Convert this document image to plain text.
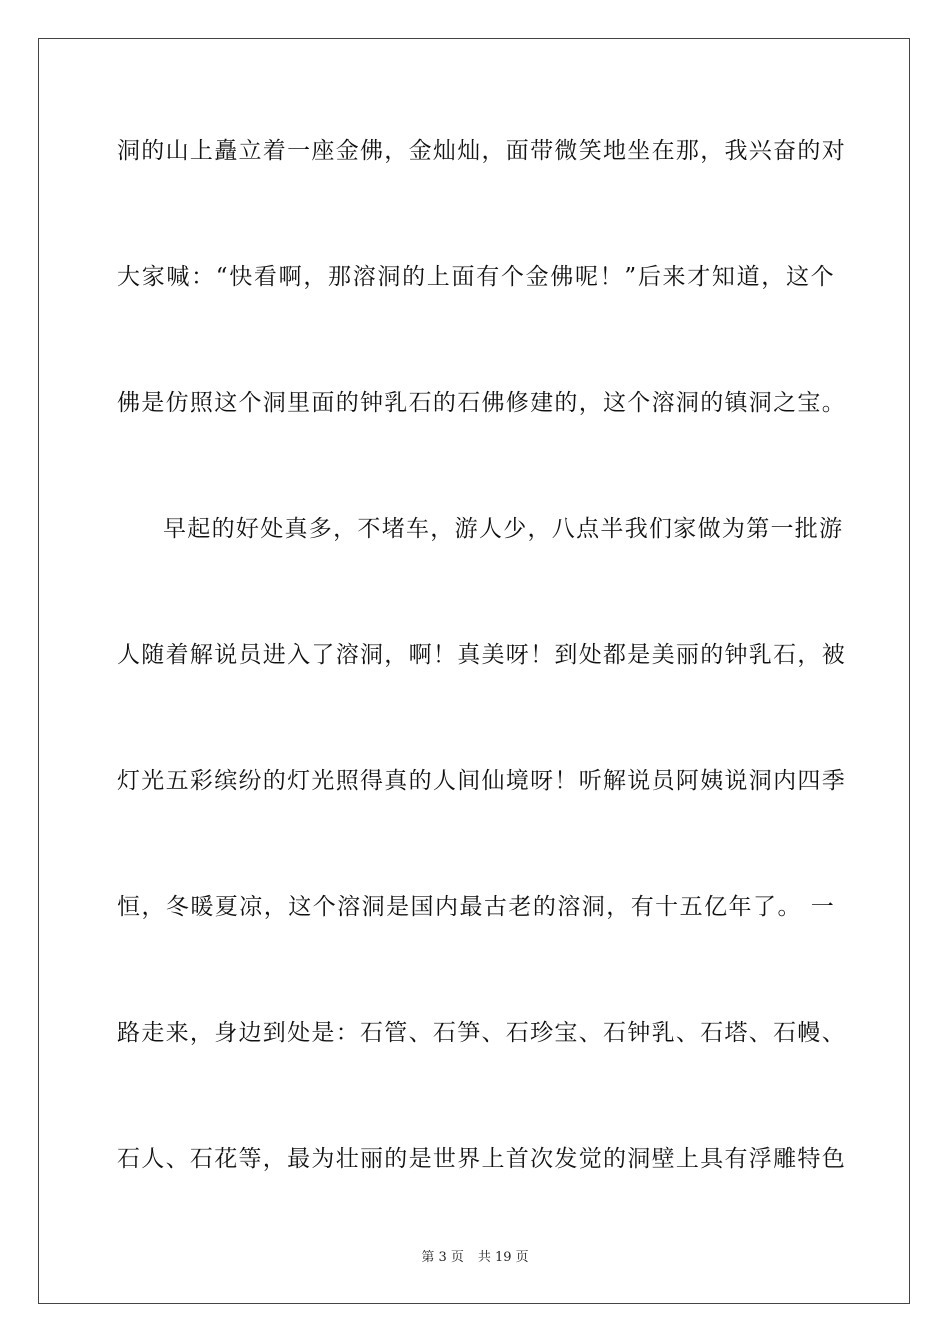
洞的山上矗立着一座金佛，金灿灿，面带微笑地坐在那，我兴奋的对
大家喊：“快看啊，那溶洞的上面有个金佛呢！”后来才知道，这个
佛是仿照这个洞里面的钟乳石的石佛修建的，这个溶洞的镇洞之宝。
早起的好处真多，不堵车，游人少，八点半我们家做为第一批游
人随着解说员进入了溶洞，啊！真美呀！到处都是美丽的钟乳石，被
灯光五彩缤纷的灯光照得真的人间仙境呀！听解说员阿姨说洞内四季
恒，冬暖夏凉，这个溶洞是国内最古老的溶洞，有十五亿年了。 一
路走来，身边到处是：石管、石笋、石珍宝、石钟乳、石塔、石幔、
石人、石花等，最为壮丽的是世界上首次发觉的洞壁上具有浮雕特色
第 3 页 共 19 页
